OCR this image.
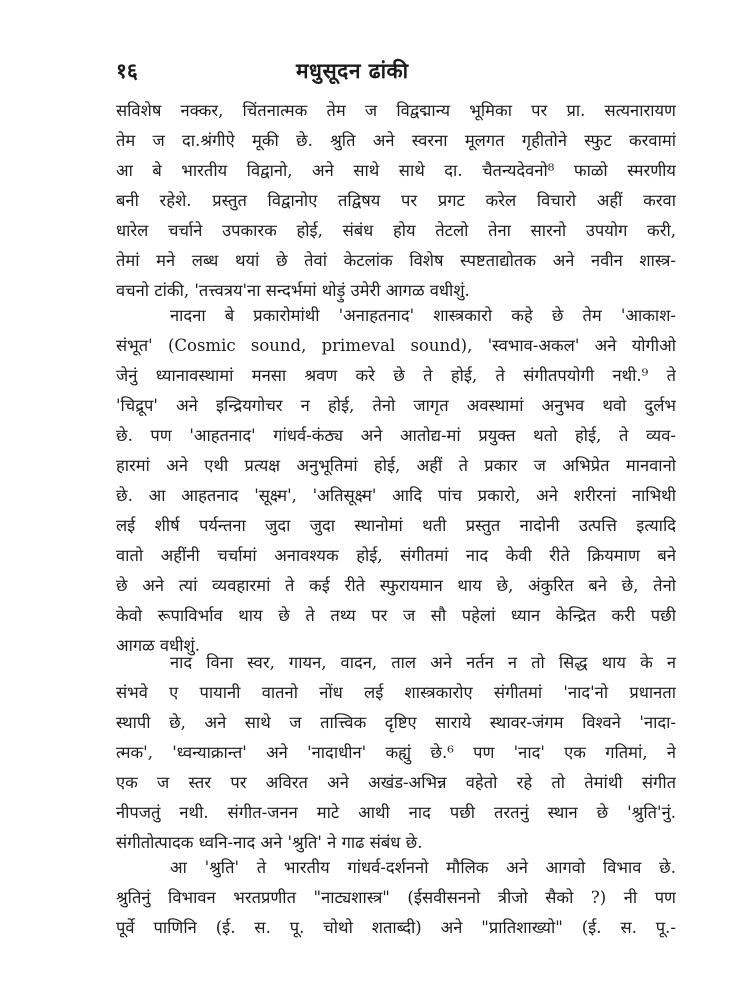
१६	मधुसूदन ढांकी
सविशेष नक्कर, चिंतनात्मक तेम ज विद्वद्मान्य भूमिका पर प्रा. सत्यनारायण
तेम ज दा.श्रंगीऐ मूकी छे. श्रुति अने स्वरना मूलगत गृहीतोने स्फुट करवामां
आ बे भारतीय विद्वानो, अने साथे साथे दा. चैतन्यदेवनो⁸ फाळो स्मरणीय
बनी रहेशे. प्रस्तुत विद्वानोए तद्विषय पर प्रगट करेल विचारो अहीं करवा
धारेल चर्चाने उपकारक होई, संबंध होय तेटलो तेना सारनो उपयोग करी,
तेमां मने लब्ध थयां छे तेवां केटलांक विशेष स्पष्टताद्योतक अने नवीन शास्त्र-
वचनो टांकी, 'तत्त्वत्रय'ना सन्दर्भमां थोड़ुं उमेरी आगळ वधीशुं.
नादना बे प्रकारोमांथी 'अनाहतनाद' शास्त्रकारो कहे छे तेम 'आकाश-
संभूत' (Cosmic sound, primeval sound), 'स्वभाव-अकल' अने योगीओ
जेनुं ध्यानावस्थामां मनसा श्रवण करे छे ते होई, ते संगीतपयोगी नथी.⁹ ते
'चिद्रूप' अने इन्द्रियगोचर न होई, तेनो जागृत अवस्थामां अनुभव थवो दुर्लभ
छे. पण 'आहतनाद' गांधर्व-कंठ्य अने आतोद्य-मां प्रयुक्त थतो होई, ते व्यव-
हारमां अने एथी प्रत्यक्ष अनुभूतिमां होई, अहीं ते प्रकार ज अभिप्रेत मानवानो
छे. आ आहतनाद 'सूक्ष्म', 'अतिसूक्ष्म' आदि पांच प्रकारो, अने शरीरनां नाभिथी
लई शीर्ष पर्यन्तना जुदा जुदा स्थानोमां थती प्रस्तुत नादोनी उत्पत्ति इत्यादि
वातो अहींनी चर्चामां अनावश्यक होई, संगीतमां नाद केवी रीते क्रियमाण बने
छे अने त्यां व्यवहारमां ते कई रीते स्फुरायमान थाय छे, अंकुरित बने छे, तेनो
केवो रूपाविर्भाव थाय छे ते तथ्य पर ज सौ पहेलां ध्यान केन्द्रित करी पछी
आगळ वधीशुं.
नाद विना स्वर, गायन, वादन, ताल अने नर्तन न तो सिद्ध थाय के न
संभवे ए पायानी वातनो नोंध लई शास्त्रकारोए संगीतमां 'नाद'नो प्रधानता
स्थापी छे, अने साथे ज तात्त्विक दृष्टिए साराये स्थावर-जंगम विश्वने 'नादा-
त्मक', 'ध्वन्याक्रान्त' अने 'नादाधीन' कह्युं छे.⁶ पण 'नाद' एक गतिमां, ने
एक ज स्तर पर अविरत अने अखंड-अभिन्न वहेतो रहे तो तेमांथी संगीत
नीपजतुं नथी. संगीत-जनन माटे आथी नाद पछी तरतनुं स्थान छे 'श्रुति'नुं.
संगीतोत्पादक ध्वनि-नाद अने 'श्रुति' ने गाढ संबंध छे.
आ 'श्रुति' ते भारतीय गांधर्व-दर्शननो मौलिक अने आगवो विभाव छे.
श्रुतिनुं विभावन भरतप्रणीत "नाट्यशास्त्र" (ईसवीसननो त्रीजो सैको ?) नी पण
पूर्वे पाणिनि (ई. स. पू. चोथो शताब्दी) अने "प्रातिशाख्यो" (ई. स. पू.-
